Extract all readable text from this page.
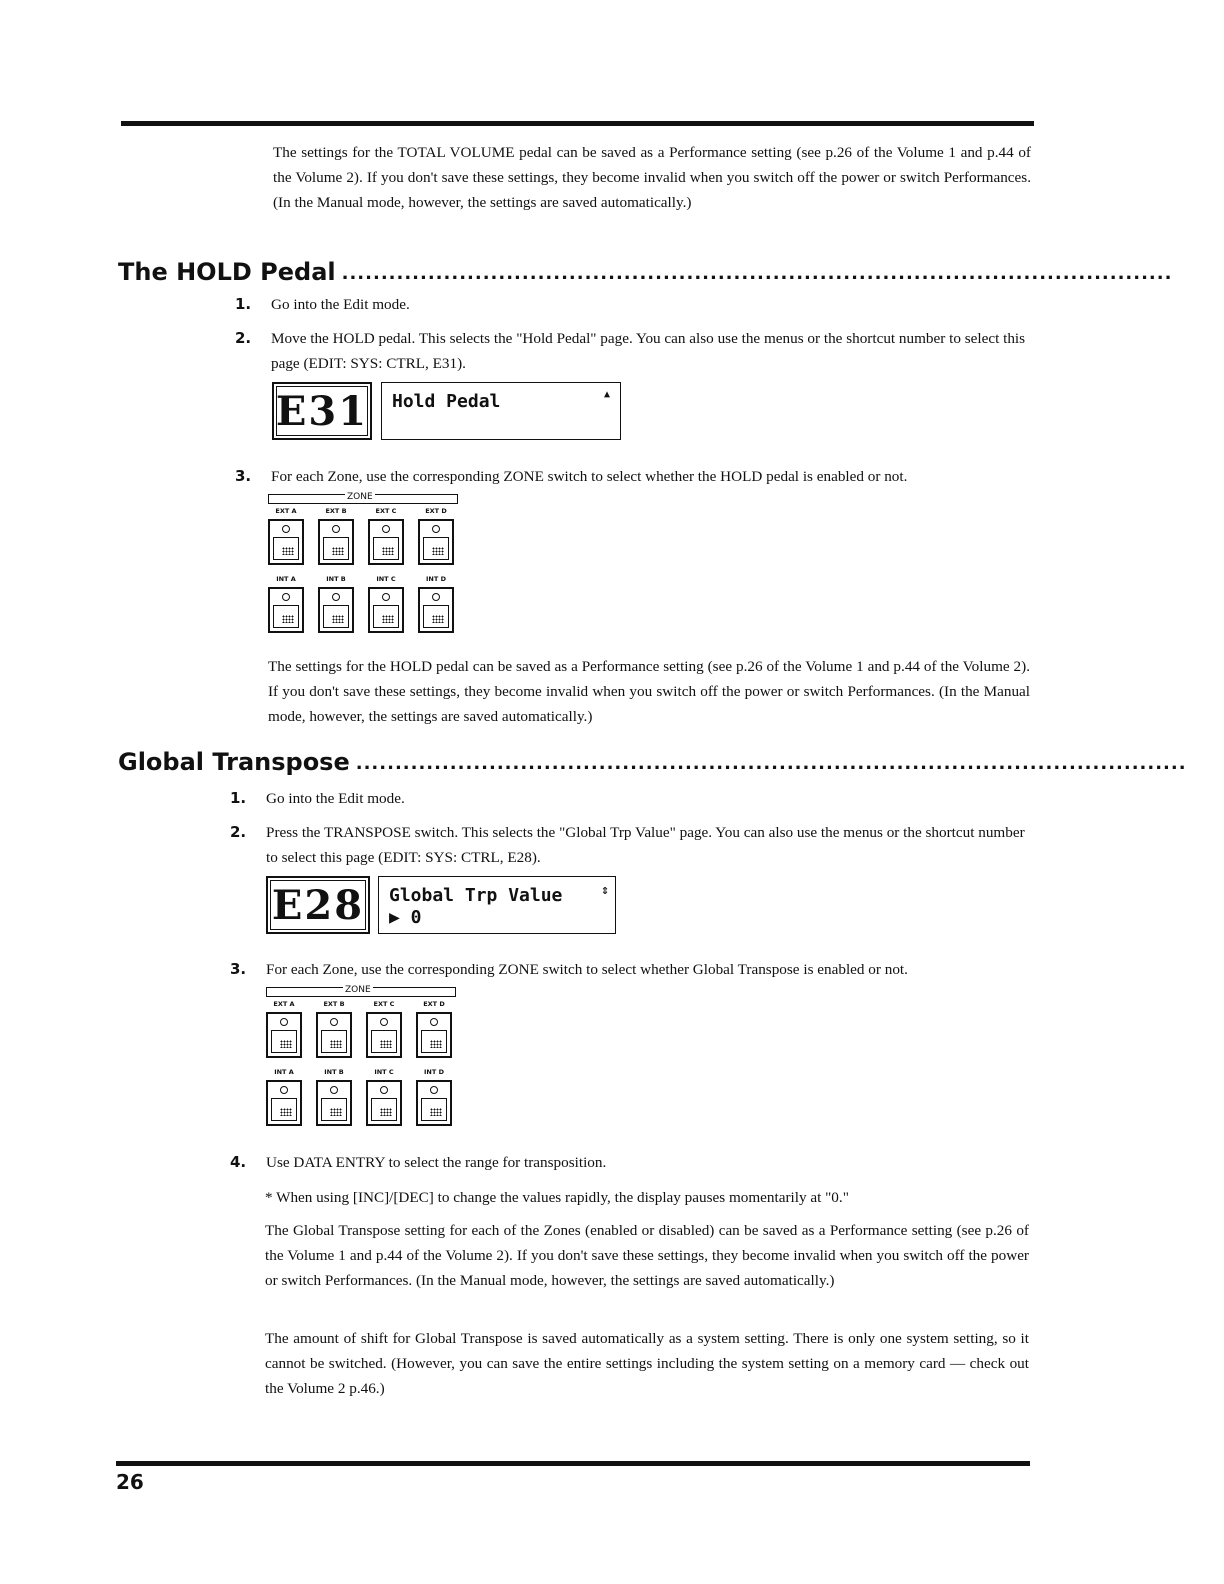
The settings for the TOTAL VOLUME pedal can be saved as a Performance setting (see p.26 of the Volume 1 and p.44 of the Volume 2). If you don't save these settings, they become invalid when you switch off the power or switch Performances. (In the Manual mode, however, the settings are saved automatically.)

The HOLD Pedal ..........................................................................................................
1. Go into the Edit mode.
2. Move the HOLD pedal. This selects the "Hold Pedal" page. You can also use the menus or the shortcut number to select this page (EDIT: SYS: CTRL, E31).
E31 Hold Pedal	▲
3. For each Zone, use the corresponding ZONE switch to select whether the HOLD pedal is enabled or not.
ZONE
EXT A	EXT B	EXT C	EXT D
INT A	INT B	INT C	INT D

The settings for the HOLD pedal can be saved as a Performance setting (see p.26 of the Volume 1 and p.44 of the Volume 2). If you don't save these settings, they become invalid when you switch off the power or switch Performances. (In the Manual mode, however, the settings are saved automatically.)

Global Transpose ..........................................................................................................
1. Go into the Edit mode.
2. Press the TRANSPOSE switch. This selects the "Global Trp Value" page. You can also use the menus or the shortcut number to select this page (EDIT: SYS: CTRL, E28).
E28	Global Trp Value	⇕
▶ 0
3. For each Zone, use the corresponding ZONE switch to select whether Global Transpose is enabled or not.
ZONE
EXT A	EXT B	EXT C	EXT D
INT A	INT B	INT C	INT D
4. Use DATA ENTRY to select the range for transposition.
* When using [INC]/[DEC] to change the values rapidly, the display pauses momentarily at "0."

The Global Transpose setting for each of the Zones (enabled or disabled) can be saved as a Performance setting (see p.26 of the Volume 1 and p.44 of the Volume 2). If you don't save these settings, they become invalid when you switch off the power or switch Performances. (In the Manual mode, however, the settings are saved automatically.)

The amount of shift for Global Transpose is saved automatically as a system setting. There is only one system setting, so it cannot be switched. (However, you can save the entire settings including the system setting on a memory card — check out the Volume 2 p.46.)

26
